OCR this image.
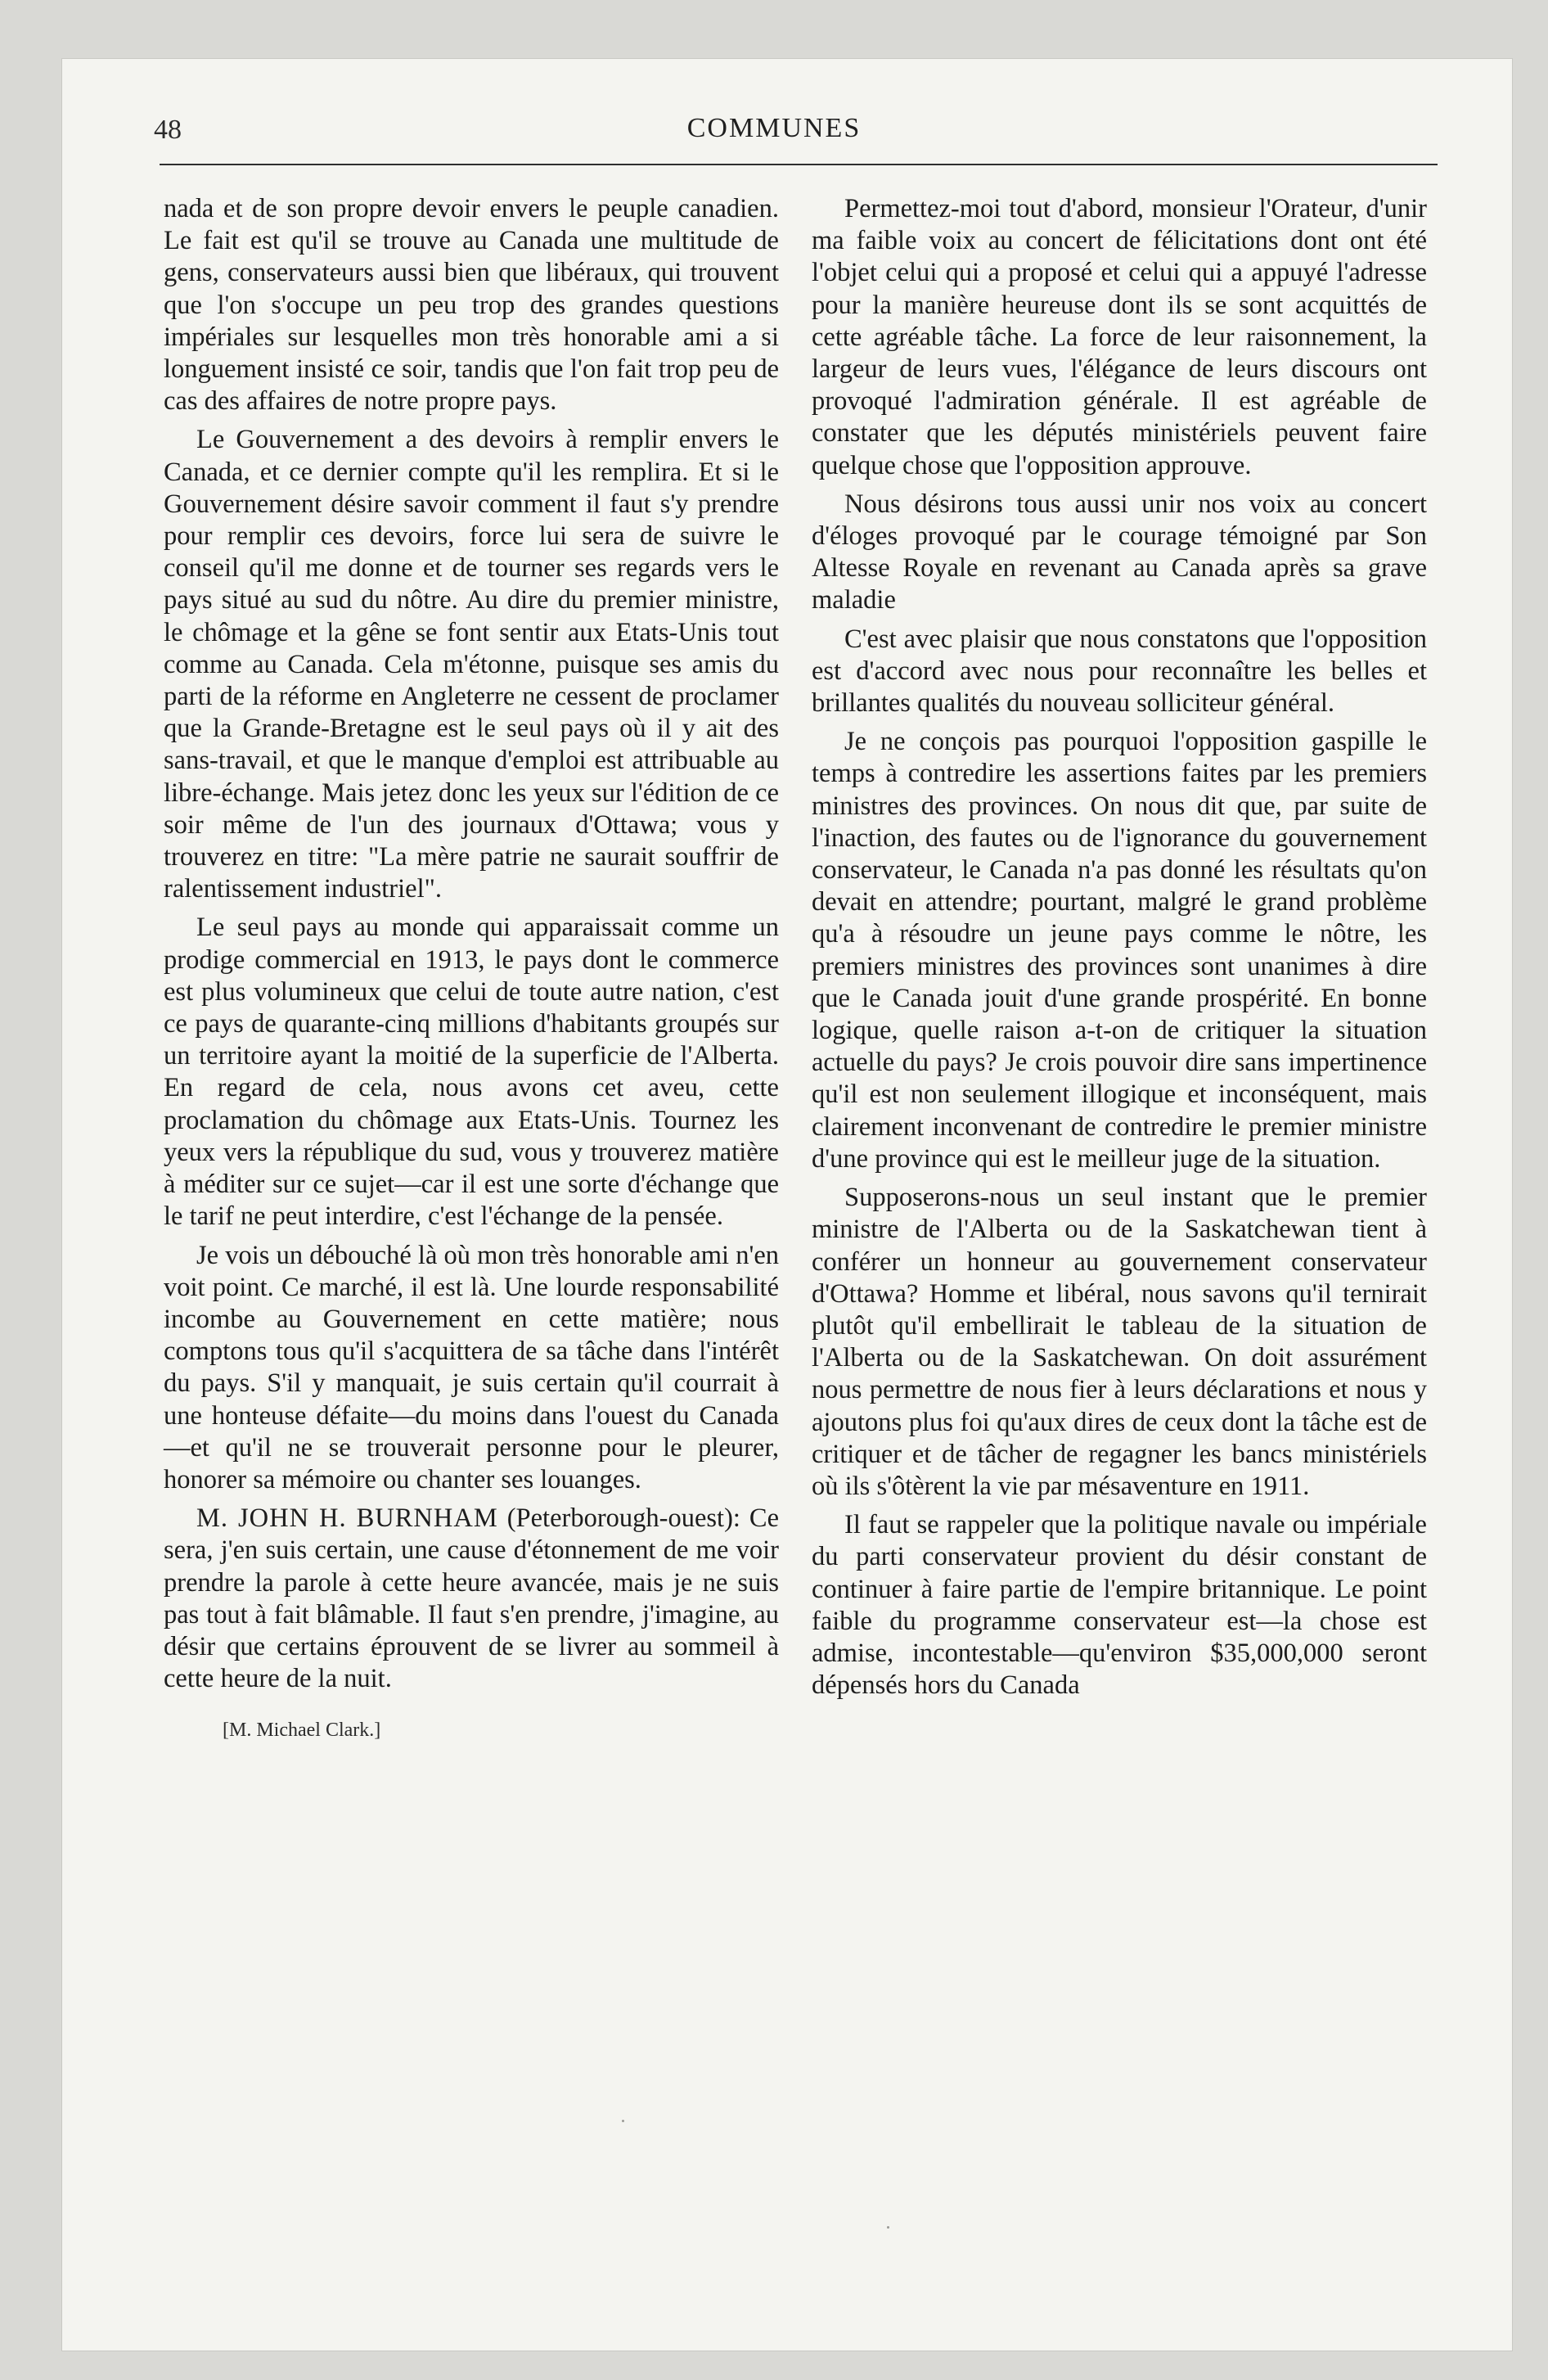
48	COMMUNES

nada et de son propre devoir envers le peuple canadien. Le fait est qu'il se trouve au Canada une multitude de gens, conservateurs aussi bien que libéraux, qui trouvent que l'on s'occupe un peu trop des grandes questions impériales sur lesquelles mon très honorable ami a si longuement insisté ce soir, tandis que l'on fait trop peu de cas des affaires de notre propre pays.

Le Gouvernement a des devoirs à remplir envers le Canada, et ce dernier compte qu'il les remplira. Et si le Gouvernement désire savoir comment il faut s'y prendre pour remplir ces devoirs, force lui sera de suivre le conseil qu'il me donne et de tourner ses regards vers le pays situé au sud du nôtre. Au dire du premier ministre, le chômage et la gêne se font sentir aux Etats-Unis tout comme au Canada. Cela m'étonne, puisque ses amis du parti de la réforme en Angleterre ne cessent de proclamer que la Grande-Bretagne est le seul pays où il y ait des sans-travail, et que le manque d'emploi est attribuable au libre-échange. Mais jetez donc les yeux sur l'édition de ce soir même de l'un des journaux d'Ottawa; vous y trouverez en titre: "La mère patrie ne saurait souffrir de ralentissement industriel".

Le seul pays au monde qui apparaissait comme un prodige commercial en 1913, le pays dont le commerce est plus volumineux que celui de toute autre nation, c'est ce pays de quarante-cinq millions d'habitants groupés sur un territoire ayant la moitié de la superficie de l'Alberta. En regard de cela, nous avons cet aveu, cette proclamation du chômage aux Etats-Unis. Tournez les yeux vers la république du sud, vous y trouverez matière à méditer sur ce sujet—car il est une sorte d'échange que le tarif ne peut interdire, c'est l'échange de la pensée.

Je vois un débouché là où mon très honorable ami n'en voit point. Ce marché, il est là. Une lourde responsabilité incombe au Gouvernement en cette matière; nous comptons tous qu'il s'acquittera de sa tâche dans l'intérêt du pays. S'il y manquait, je suis certain qu'il courrait à une honteuse défaite—du moins dans l'ouest du Canada—et qu'il ne se trouverait personne pour le pleurer, honorer sa mémoire ou chanter ses louanges.

M. JOHN H. BURNHAM (Peterborough-ouest): Ce sera, j'en suis certain, une cause d'étonnement de me voir prendre la parole à cette heure avancée, mais je ne suis pas tout à fait blâmable. Il faut s'en prendre, j'imagine, au désir que certains éprouvent de se livrer au sommeil à cette heure de la nuit.

[M. Michael Clark.]

Permettez-moi tout d'abord, monsieur l'Orateur, d'unir ma faible voix au concert de félicitations dont ont été l'objet celui qui a proposé et celui qui a appuyé l'adresse pour la manière heureuse dont ils se sont acquittés de cette agréable tâche. La force de leur raisonnement, la largeur de leurs vues, l'élégance de leurs discours ont provoqué l'admiration générale. Il est agréable de constater que les députés ministériels peuvent faire quelque chose que l'opposition approuve.

Nous désirons tous aussi unir nos voix au concert d'éloges provoqué par le courage témoigné par Son Altesse Royale en revenant au Canada après sa grave maladie

C'est avec plaisir que nous constatons que l'opposition est d'accord avec nous pour reconnaître les belles et brillantes qualités du nouveau solliciteur général.

Je ne conçois pas pourquoi l'opposition gaspille le temps à contredire les assertions faites par les premiers ministres des provinces. On nous dit que, par suite de l'inaction, des fautes ou de l'ignorance du gouvernement conservateur, le Canada n'a pas donné les résultats qu'on devait en attendre; pourtant, malgré le grand problème qu'a à résoudre un jeune pays comme le nôtre, les premiers ministres des provinces sont unanimes à dire que le Canada jouit d'une grande prospérité. En bonne logique, quelle raison a-t-on de critiquer la situation actuelle du pays? Je crois pouvoir dire sans impertinence qu'il est non seulement illogique et inconséquent, mais clairement inconvenant de contredire le premier ministre d'une province qui est le meilleur juge de la situation.

Supposerons-nous un seul instant que le premier ministre de l'Alberta ou de la Saskatchewan tient à conférer un honneur au gouvernement conservateur d'Ottawa? Homme et libéral, nous savons qu'il ternirait plutôt qu'il embellirait le tableau de la situation de l'Alberta ou de la Saskatchewan. On doit assurément nous permettre de nous fier à leurs déclarations et nous y ajoutons plus foi qu'aux dires de ceux dont la tâche est de critiquer et de tâcher de regagner les bancs ministériels où ils s'ôtèrent la vie par mésaventure en 1911.

Il faut se rappeler que la politique navale ou impériale du parti conservateur provient du désir constant de continuer à faire partie de l'empire britannique. Le point faible du programme conservateur est—la chose est admise, incontestable—qu'environ $35,000,000 seront dépensés hors du Canada
